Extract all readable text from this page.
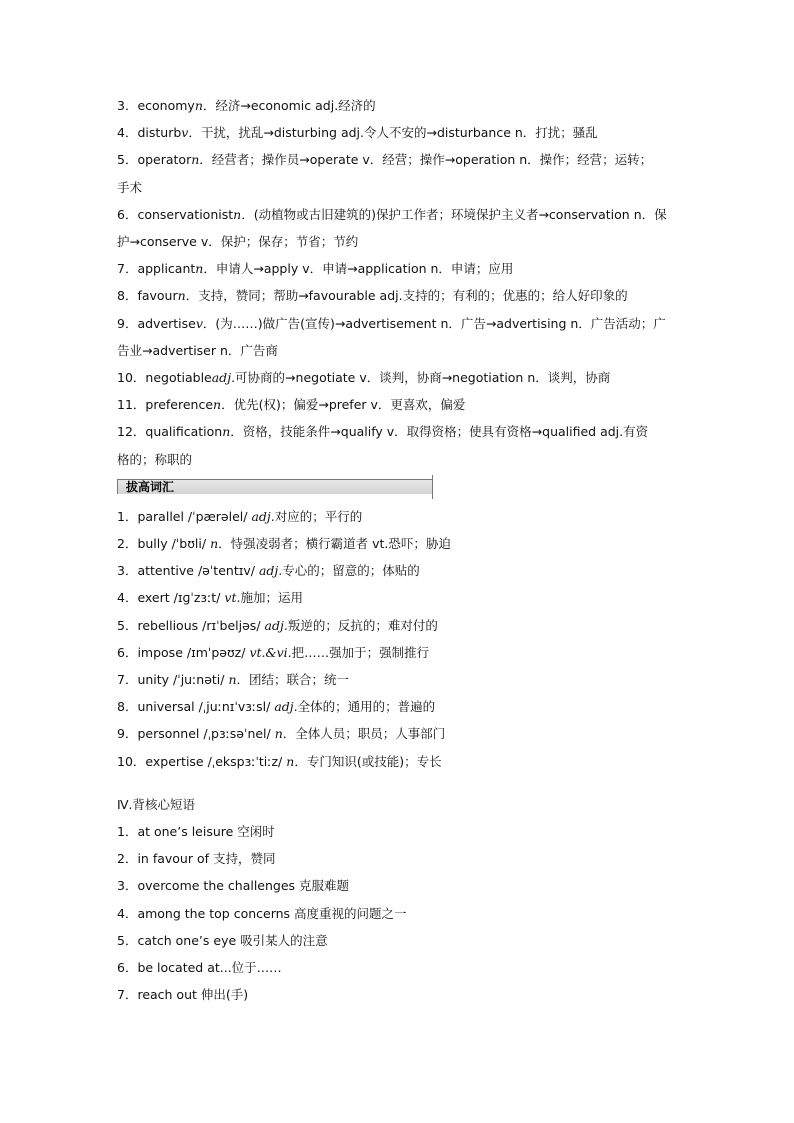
3．economyn．经济→economic adj.经济的
4．disturbv．干扰，扰乱→disturbing adj.令人不安的→disturbance n．打扰；骚乱
5．operatorn．经营者；操作员→operate v．经营；操作→operation n．操作；经营；运转；
手术
6．conservationistn．(动植物或古旧建筑的)保护工作者；环境保护主义者→conservation n．保
护→conserve v．保护；保存；节省；节约
7．applicantn．申请人→apply v．申请→application n．申请；应用
8．favourn．支持，赞同；帮助→favourable adj.支持的；有利的；优惠的；给人好印象的
9．advertisev．(为……)做广告(宣传)→advertisement n．广告→advertising n．广告活动；广
告业→advertiser n．广告商
10．negotiableadj.可协商的→negotiate v．谈判，协商→negotiation n．谈判，协商
11．preferencen．优先(权)；偏爱→prefer v．更喜欢，偏爱
12．qualificationn．资格，技能条件→qualify v．取得资格；使具有资格→qualified adj.有资
格的；称职的
拔高词汇
1．parallel /ˈpærəlel/ adj.对应的；平行的
2．bully /ˈbʊli/ n．恃强凌弱者；横行霸道者 vt.恐吓；胁迫
3．attentive /əˈtentɪv/ adj.专心的；留意的；体贴的
4．exert /ɪɡˈzɜːt/ vt.施加；运用
5．rebellious /rɪˈbeljəs/ adj.叛逆的；反抗的；难对付的
6．impose /ɪmˈpəʊz/ vt.&vi.把……强加于；强制推行
7．unity /ˈjuːnəti/ n．团结；联合；统一
8．universal /ˌjuːnɪˈvɜːsl/ adj.全体的；通用的；普遍的
9．personnel /ˌpɜːsəˈnel/ n．全体人员；职员；人事部门
10．expertise /ˌekspɜːˈtiːz/ n．专门知识(或技能)；专长
Ⅳ.背核心短语
1．at one’s leisure 空闲时
2．in favour of 支持，赞同
3．overcome the challenges 克服难题
4．among the top concerns 高度重视的问题之一
5．catch one’s eye 吸引某人的注意
6．be located at...位于……
7．reach out 伸出(手)
